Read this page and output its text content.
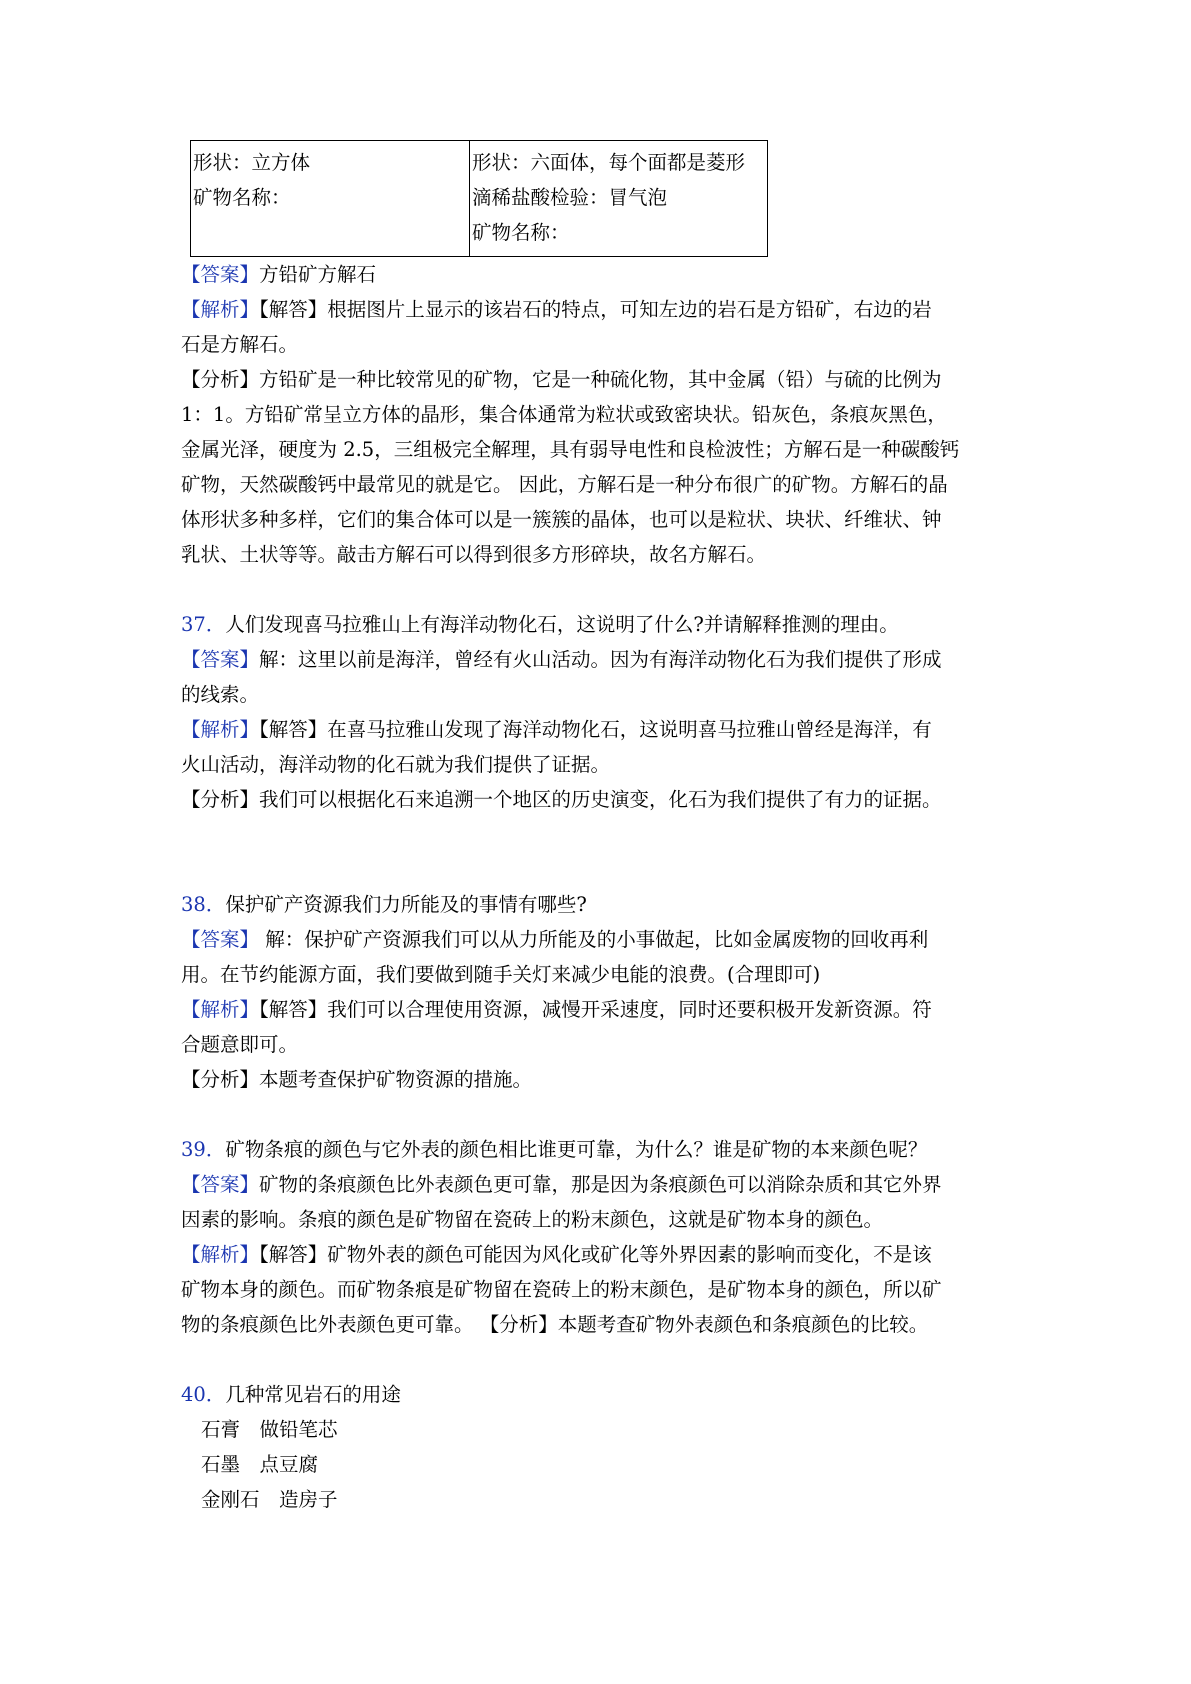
形状：立方体
矿物名称：

形状：六面体，每个面都是菱形
滴稀盐酸检验：冒气泡
矿物名称：
【答案】方铅矿方解石
【解析】【解答】根据图片上显示的该岩石的特点，可知左边的岩石是方铅矿，右边的岩
石是方解石。
【分析】方铅矿是一种比较常见的矿物，它是一种硫化物，其中金属（铅）与硫的比例为
1：1。方铅矿常呈立方体的晶形，集合体通常为粒状或致密块状。铅灰色，条痕灰黑色，
金属光泽，硬度为 2.5，三组极完全解理，具有弱导电性和良检波性；方解石是一种碳酸钙
矿物，天然碳酸钙中最常见的就是它。 因此，方解石是一种分布很广的矿物。方解石的晶
体形状多种多样，它们的集合体可以是一簇簇的晶体，也可以是粒状、块状、纤维状、钟
乳状、土状等等。敲击方解石可以得到很多方形碎块，故名方解石。
37．人们发现喜马拉雅山上有海洋动物化石，这说明了什么?并请解释推测的理由。
【答案】解：这里以前是海洋，曾经有火山活动。因为有海洋动物化石为我们提供了形成
的线索。
【解析】【解答】在喜马拉雅山发现了海洋动物化石，这说明喜马拉雅山曾经是海洋，有
火山活动，海洋动物的化石就为我们提供了证据。
【分析】我们可以根据化石来追溯一个地区的历史演变，化石为我们提供了有力的证据。
38．保护矿产资源我们力所能及的事情有哪些?
【答案】 解：保护矿产资源我们可以从力所能及的小事做起，比如金属废物的回收再利
用。在节约能源方面，我们要做到随手关灯来减少电能的浪费。(合理即可)
【解析】【解答】我们可以合理使用资源，减慢开采速度，同时还要积极开发新资源。符
合题意即可。
【分析】本题考查保护矿物资源的措施。
39．矿物条痕的颜色与它外表的颜色相比谁更可靠，为什么？谁是矿物的本来颜色呢？
【答案】矿物的条痕颜色比外表颜色更可靠，那是因为条痕颜色可以消除杂质和其它外界
因素的影响。条痕的颜色是矿物留在瓷砖上的粉末颜色，这就是矿物本身的颜色。
【解析】【解答】矿物外表的颜色可能因为风化或矿化等外界因素的影响而变化，不是该
矿物本身的颜色。而矿物条痕是矿物留在瓷砖上的粉末颜色，是矿物本身的颜色，所以矿
物的条痕颜色比外表颜色更可靠。 【分析】本题考查矿物外表颜色和条痕颜色的比较。
40．几种常见岩石的用途
石膏　做铅笔芯
石墨　点豆腐
金刚石　造房子
